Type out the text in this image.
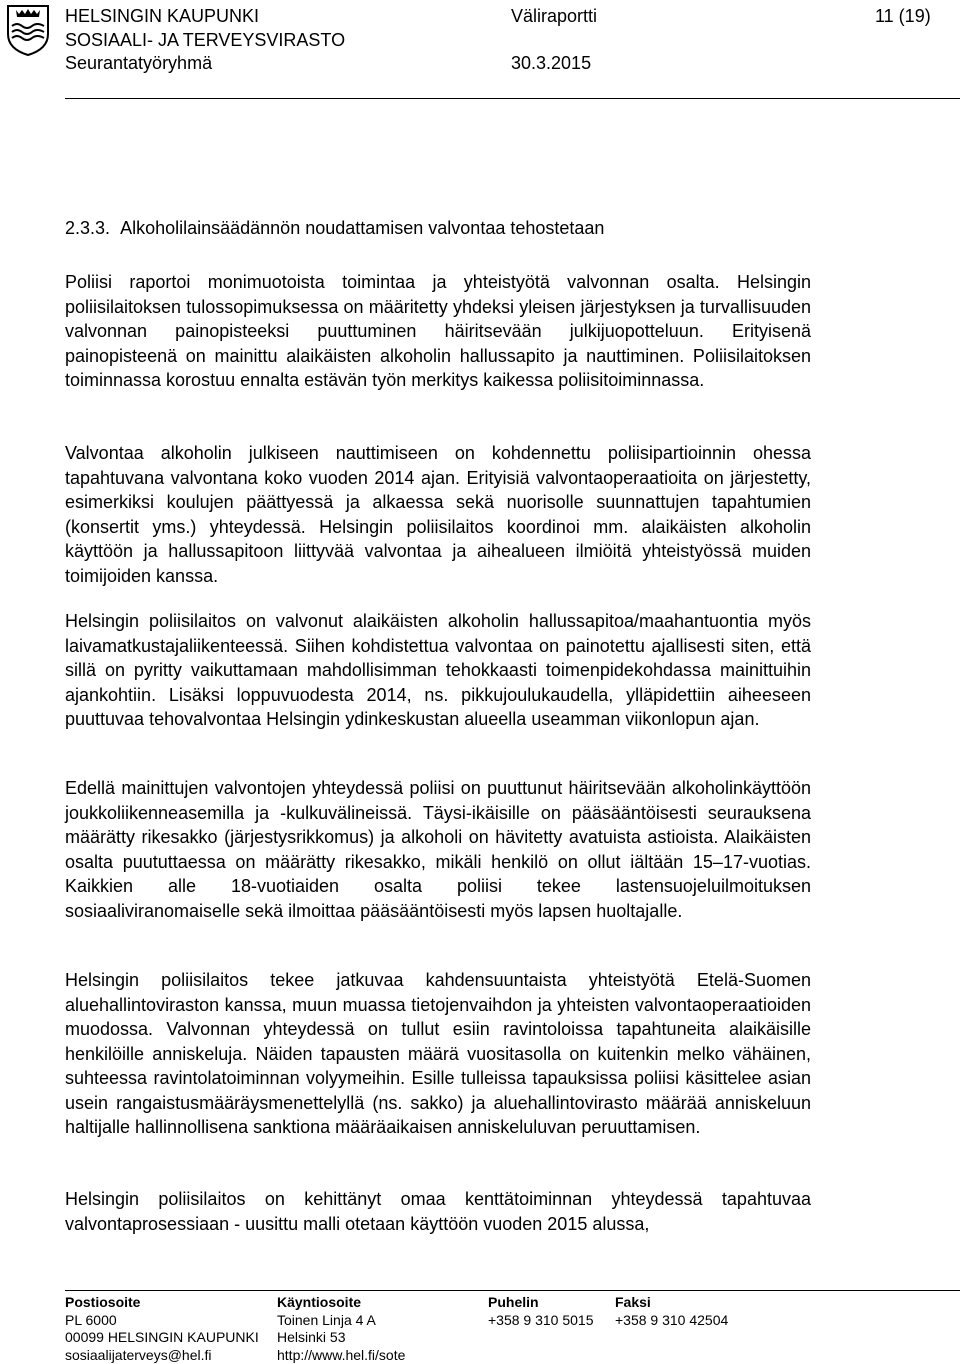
HELSINGIN KAUPUNKI
SOSIAALI- JA TERVEYSVIRASTO
Seurantatyöryhmä
Väliraportti
30.3.2015
11 (19)
2.3.3. Alkoholilainsäädännön noudattamisen valvontaa tehostetaan

Poliisi raportoi monimuotoista toimintaa ja yhteistyötä valvonnan osalta. Helsingin poliisilaitoksen tulossopimuksessa on määritetty yhdeksi yleisen järjestyksen ja turvallisuuden valvonnan painopisteeksi puuttuminen häiritsevään julkijuopotteluun. Erityisenä painopisteenä on mainittu alaikäisten alkoholin hallussapito ja nauttiminen. Poliisilaitoksen toiminnassa korostuu ennalta estävän työn merkitys kaikessa poliisitoiminnassa.

Valvontaa alkoholin julkiseen nauttimiseen on kohdennettu poliisipartioinnin ohessa tapahtuvana valvontana koko vuoden 2014 ajan. Erityisiä valvontaoperaatioita on järjestetty, esimerkiksi koulujen päättyessä ja alkaessa sekä nuorisolle suunnattujen tapahtumien (konsertit yms.) yhteydessä. Helsingin poliisilaitos koordinoi mm. alaikäisten alkoholin käyttöön ja hallussapitoon liittyvää valvontaa ja aihealueen ilmiöitä yhteistyössä muiden toimijoiden kanssa.

Helsingin poliisilaitos on valvonut alaikäisten alkoholin hallussapitoa/maahantuontia myös laivamatkustajaliikenteessä. Siihen kohdistettua valvontaa on painotettu ajallisesti siten, että sillä on pyritty vaikuttamaan mahdollisimman tehokkaasti toimenpidekohdassa mainittuihin ajankohtiin. Lisäksi loppuvuodesta 2014, ns. pikkujoulukaudella, ylläpidettiin aiheeseen puuttuvaa tehovalvontaa Helsingin ydinkeskustan alueella useamman viikonlopun ajan.

Edellä mainittujen valvontojen yhteydessä poliisi on puuttunut häiritsevään alkoholinkäyttöön joukkoliikenneasemilla ja -kulkuvälineissä. Täysi-ikäisille on pääsääntöisesti seurauksena määrätty rikesakko (järjestysrikkomus) ja alkoholi on hävitetty avatuista astioista. Alaikäisten osalta puututtaessa on määrätty rikesakko, mikäli henkilö on ollut iältään 15–17-vuotias. Kaikkien alle 18-vuotiaiden osalta poliisi tekee lastensuojeluilmoituksen sosiaaliviranomaiselle sekä ilmoittaa pääsääntöisesti myös lapsen huoltajalle.

Helsingin poliisilaitos tekee jatkuvaa kahdensuuntaista yhteistyötä Etelä-Suomen aluehallintoviraston kanssa, muun muassa tietojenvaihdon ja yhteisten valvontaoperaatioiden muodossa. Valvonnan yhteydessä on tullut esiin ravintoloissa tapahtuneita alaikäisille henkilöille anniskeluja. Näiden tapausten määrä vuositasolla on kuitenkin melko vähäinen, suhteessa ravintolatoiminnan volyymeihin. Esille tulleissa tapauksissa poliisi käsittelee asian usein rangaistusmääräysmenettelyllä (ns. sakko) ja aluehallintovirasto määrää anniskeluun haltijalle hallinnollisena sanktiona määräaikaisen anniskeluluvan peruuttamisen.

Helsingin poliisilaitos on kehittänyt omaa kenttätoiminnan yhteydessä tapahtuvaa valvontaprosessiaan - uusittu malli otetaan käyttöön vuoden 2015 alussa,

Postiosoite
PL 6000
00099 HELSINGIN KAUPUNKI
sosiaalijaterveys@hel.fi
Käyntiosoite
Toinen Linja 4 A
Helsinki 53
http://www.hel.fi/sote
Puhelin
+358 9 310 5015
Faksi
+358 9 310 42504
